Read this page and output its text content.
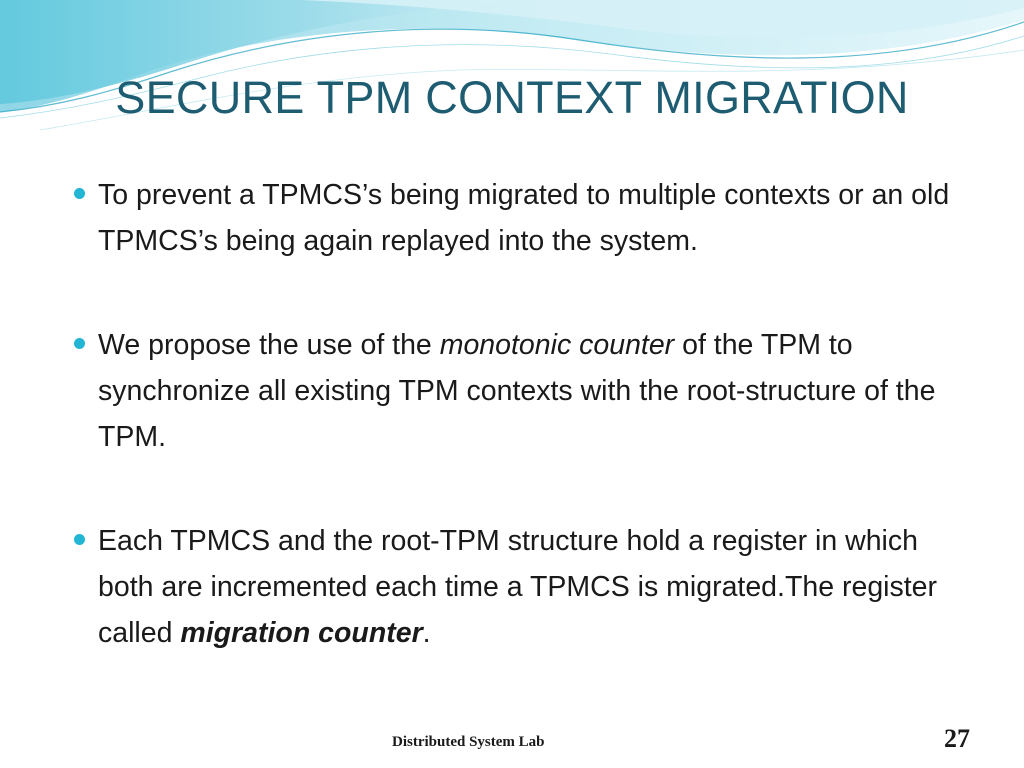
SECURE TPM CONTEXT MIGRATION
To prevent a TPMCS’s being migrated to multiple contexts or an old TPMCS’s being again replayed into the system.
We propose the use of the monotonic counter of the TPM to synchronize all existing TPM contexts with the root-structure of the TPM.
Each TPMCS and the root-TPM structure hold a register in which both are incremented each time a TPMCS is migrated.The register called migration counter.
Distributed System Lab	27
